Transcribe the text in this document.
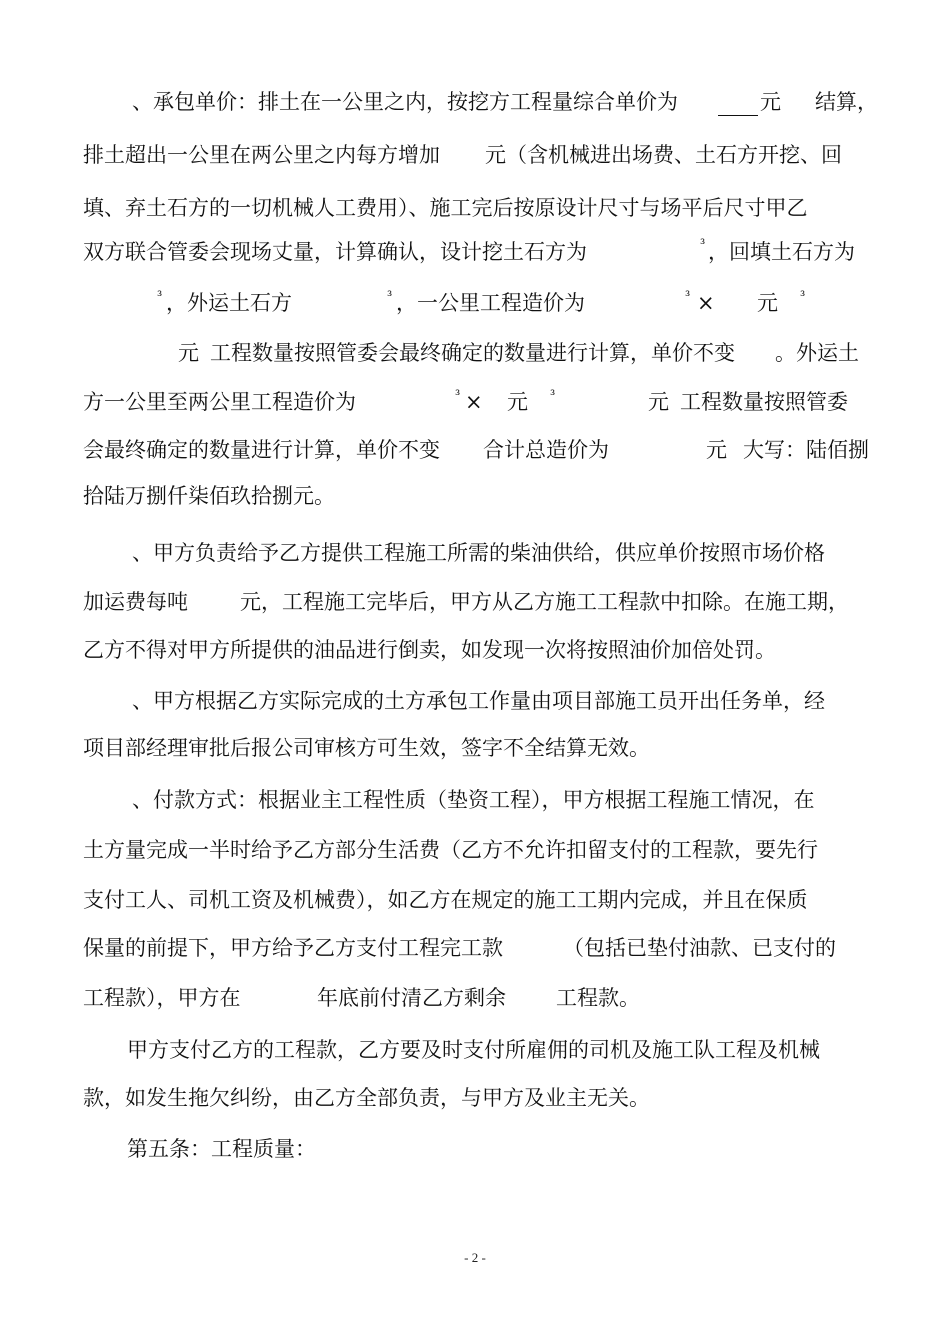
、承包单价：排土在一公里之内，按挖方工程量综合单价为	元 结算，
排土超出一公里在两公里之内每方增加 元（含机械进出场费、土石方开挖、回
填、弃土石方的一切机械人工费用）、施工完后按原设计尺寸与场平后尺寸甲乙
双方联合管委会现场丈量，计算确认，设计挖土石方为	³ ，回填土石方为
³ ，外运土石方	³ ，一公里工程造价为	³ × 元 ³
元 工程数量按照管委会最终确定的数量进行计算，单价不变 。外运土
方一公里至两公里工程造价为	³ × 元 ³	元 工程数量按照管委
会最终确定的数量进行计算，单价不变 合计总造价为	元 大写：陆佰捌
拾陆万捌仟柒佰玖拾捌元。
、甲方负责给予乙方提供工程施工所需的柴油供给，供应单价按照市场价格
加运费每吨 元，工程施工完毕后，甲方从乙方施工工程款中扣除。在施工期，
乙方不得对甲方所提供的油品进行倒卖，如发现一次将按照油价加倍处罚。
、甲方根据乙方实际完成的土方承包工作量由项目部施工员开出任务单，经
项目部经理审批后报公司审核方可生效，签字不全结算无效。
、付款方式：根据业主工程性质（垫资工程），甲方根据工程施工情况，在
土方量完成一半时给予乙方部分生活费（乙方不允许扣留支付的工程款，要先行
支付工人、司机工资及机械费），如乙方在规定的施工工期内完成，并且在保质
保量的前提下，甲方给予乙方支付工程完工款	（包括已垫付油款、已支付的
工程款），甲方在	年底前付清乙方剩余 工程款。
甲方支付乙方的工程款，乙方要及时支付所雇佣的司机及施工队工程及机械
款，如发生拖欠纠纷，由乙方全部负责，与甲方及业主无关。
第五条：工程质量：
- 2 -
